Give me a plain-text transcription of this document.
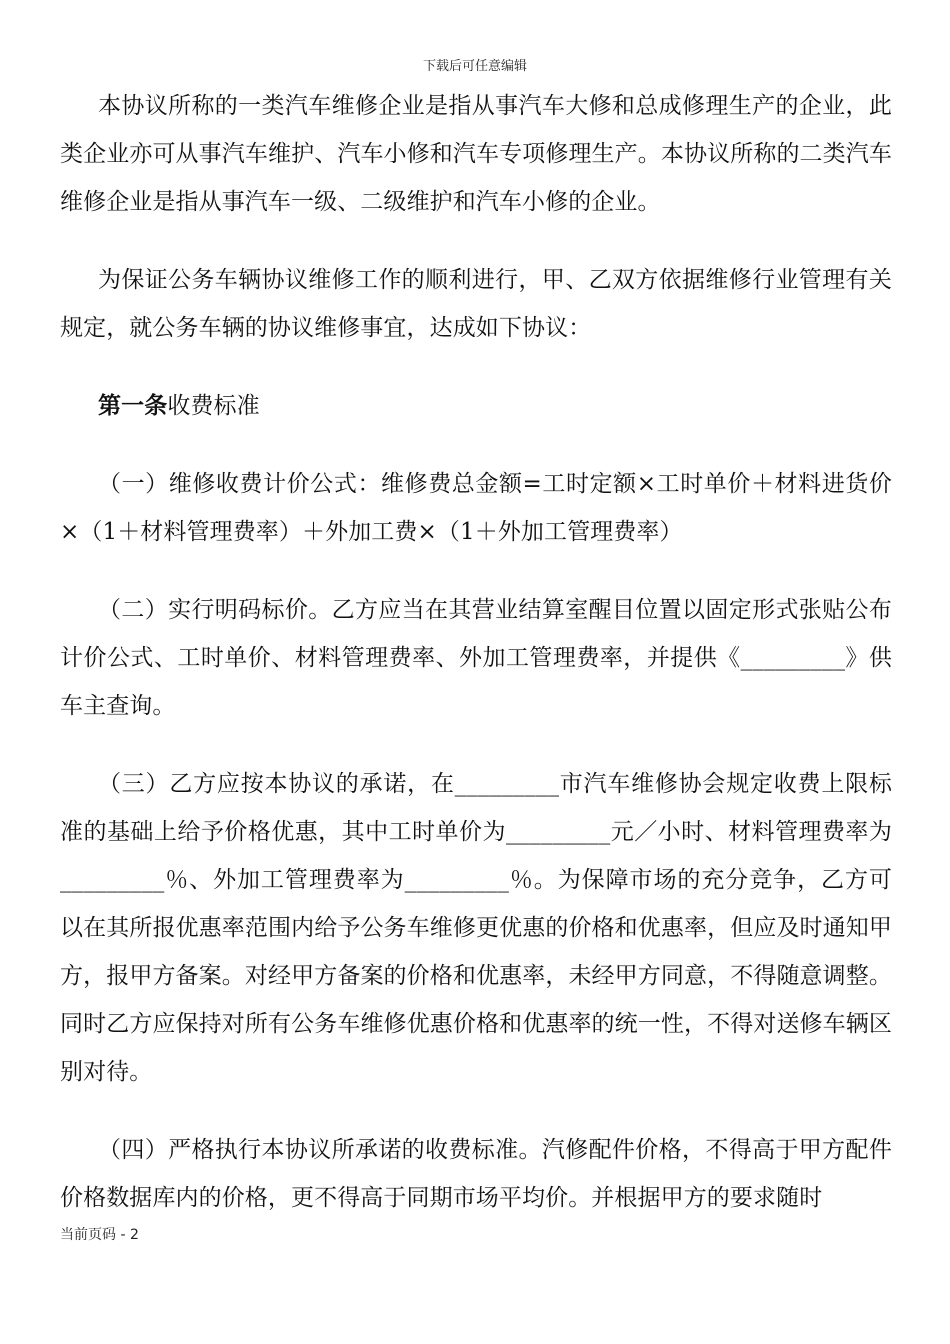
下载后可任意编辑

本协议所称的一类汽车维修企业是指从事汽车大修和总成修理生产的企业，此类企业亦可从事汽车维护、汽车小修和汽车专项修理生产。本协议所称的二类汽车维修企业是指从事汽车一级、二级维护和汽车小修的企业。

为保证公务车辆协议维修工作的顺利进行，甲、乙双方依据维修行业管理有关规定，就公务车辆的协议维修事宜，达成如下协议：

第一条收费标准

（一）维修收费计价公式：维修费总金额=工时定额×工时单价＋材料进货价×（1＋材料管理费率）＋外加工费×（1＋外加工管理费率）

（二）实行明码标价。乙方应当在其营业结算室醒目位置以固定形式张贴公布计价公式、工时单价、材料管理费率、外加工管理费率，并提供《_________》供车主查询。

（三）乙方应按本协议的承诺，在_________市汽车维修协会规定收费上限标准的基础上给予价格优惠，其中工时单价为_________元／小时、材料管理费率为_________％、外加工管理费率为_________％。为保障市场的充分竞争，乙方可以在其所报优惠率范围内给予公务车维修更优惠的价格和优惠率，但应及时通知甲方，报甲方备案。对经甲方备案的价格和优惠率，未经甲方同意，不得随意调整。同时乙方应保持对所有公务车维修优惠价格和优惠率的统一性，不得对送修车辆区别对待。

（四）严格执行本协议所承诺的收费标准。汽修配件价格，不得高于甲方配件价格数据库内的价格，更不得高于同期市场平均价。并根据甲方的要求随时

当前页码 - 2
